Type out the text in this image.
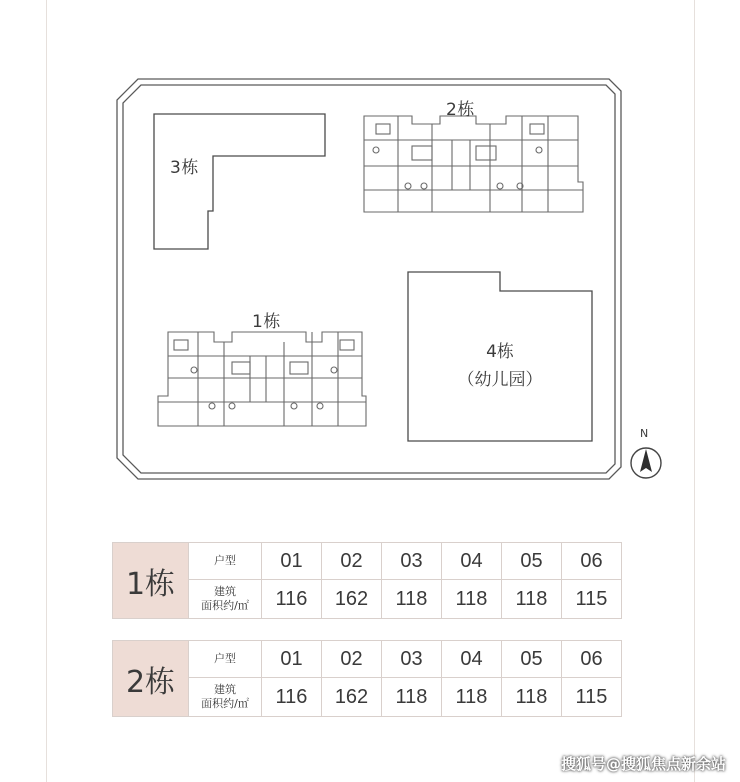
3栋
2栋
1栋
4栋
（幼儿园）
N
1栋	户型	01	02	03	04	05	06

	建筑
面积约/㎡	116	162	118	118	118	115
2栋	户型	01	02	03	04	05	06

	建筑
面积约/㎡	116	162	118	118	118	115
搜狐号@搜狐焦点新余站
